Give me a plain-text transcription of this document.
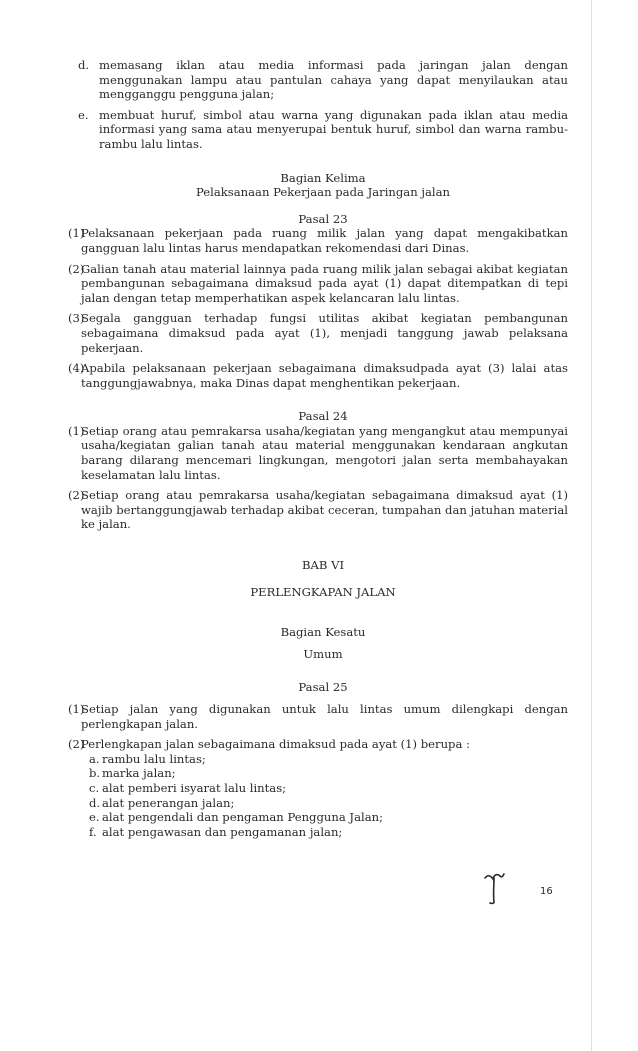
d. memasang iklan atau media informasi pada jaringan jalan dengan menggunakan lampu atau pantulan cahaya yang dapat menyilaukan atau mengganggu pengguna jalan;
e. membuat huruf, simbol atau warna yang digunakan pada iklan atau media informasi yang sama atau menyerupai bentuk huruf, simbol dan warna rambu-rambu lalu lintas.
Bagian Kelima
Pelaksanaan Pekerjaan pada Jaringan jalan
Pasal 23
(1)
Pelaksanaan pekerjaan pada ruang milik jalan yang dapat mengakibatkan gangguan lalu lintas harus mendapatkan rekomendasi dari Dinas.
(2)
Galian tanah atau material lainnya pada ruang milik jalan sebagai akibat kegiatan pembangunan sebagaimana dimaksud pada ayat (1) dapat ditempatkan di tepi jalan dengan tetap memperhatikan aspek kelancaran lalu lintas.
(3)
Segala gangguan terhadap fungsi utilitas akibat kegiatan pembangunan sebagaimana dimaksud pada ayat (1), menjadi tanggung jawab pelaksana pekerjaan.
(4)
Apabila pelaksanaan pekerjaan sebagaimana dimaksudpada ayat (3) lalai atas tanggungjawabnya, maka Dinas dapat menghentikan pekerjaan.
Pasal 24
(1)
Setiap orang atau pemrakarsa usaha/kegiatan yang mengangkut atau mempunyai usaha/kegiatan galian tanah atau material menggunakan kendaraan angkutan barang dilarang mencemari lingkungan, mengotori jalan serta membahayakan keselamatan lalu lintas.
(2)
Setiap orang atau pemrakarsa usaha/kegiatan sebagaimana dimaksud ayat (1) wajib bertanggungjawab terhadap akibat ceceran, tumpahan dan jatuhan material ke jalan.
BAB VI
PERLENGKAPAN JALAN
Bagian Kesatu
Umum
Pasal 25
(1)
Setiap jalan yang digunakan untuk lalu lintas umum dilengkapi dengan perlengkapan jalan.
(2)
Perlengkapan jalan sebagaimana dimaksud pada ayat (1) berupa :
a. rambu lalu lintas;
b. marka jalan;
c. alat pemberi isyarat lalu lintas;
d. alat penerangan jalan;
e. alat pengendali dan pengaman Pengguna Jalan;
f. alat pengawasan dan pengamanan jalan;
16
